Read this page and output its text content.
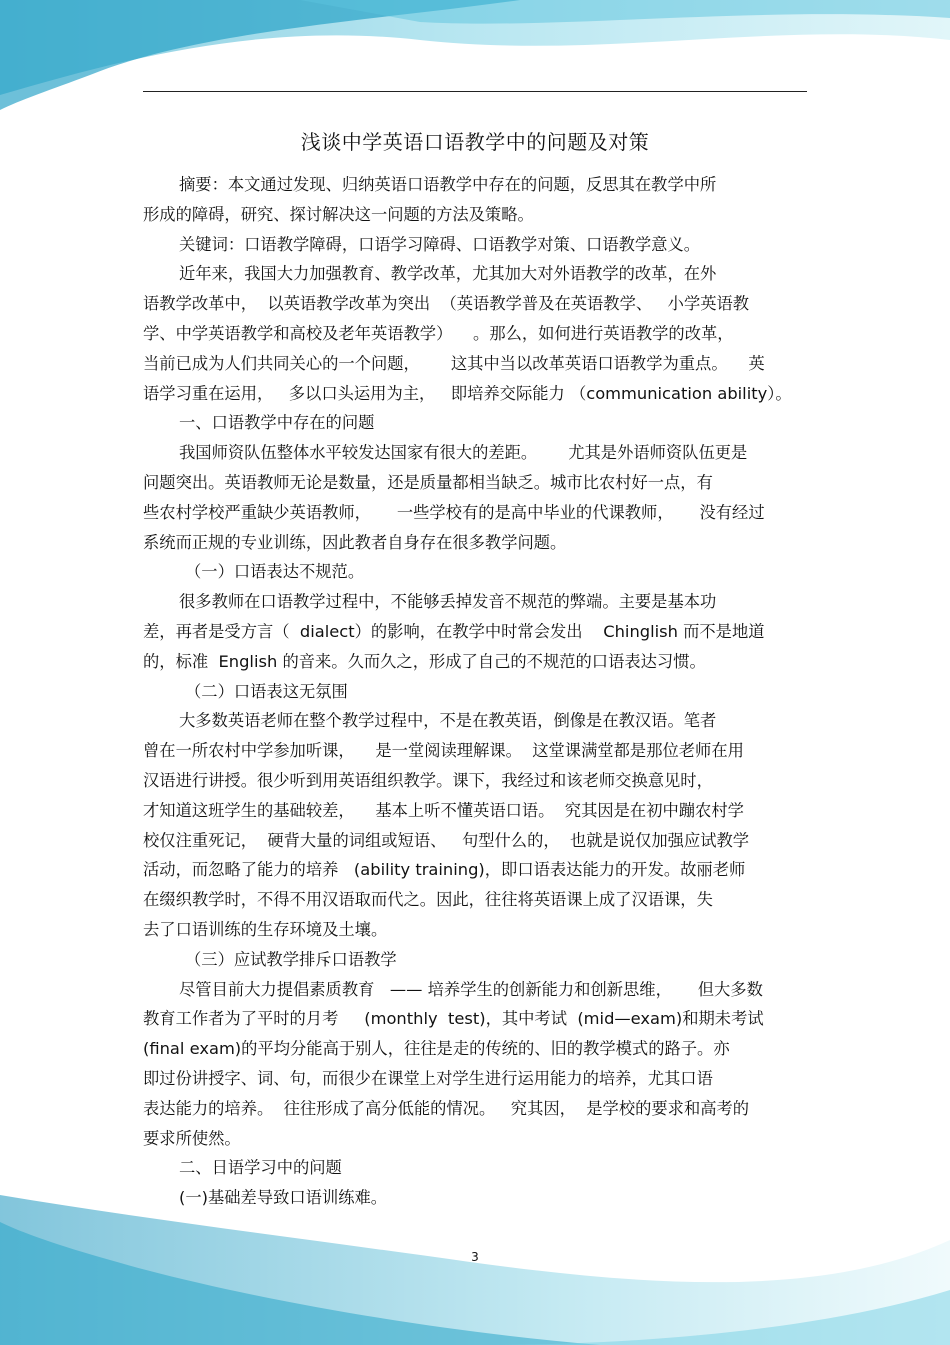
浅谈中学英语口语教学中的问题及对策
摘要：本文通过发现、归纳英语口语教学中存在的问题，反思其在教学中所
形成的障碍，研究、探讨解决这一问题的方法及策略。
关键词：口语教学障碍，口语学习障碍、口语教学对策、口语教学意义。
近年来，我国大力加强教育、教学改革，尤其加大对外语教学的改革，在外
语教学改革中，  以英语教学改革为突出  （英语教学普及在英语教学、   小学英语教
学、中学英语教学和高校及老年英语教学）    。那么，如何进行英语教学的改革，
当前已成为人们共同关心的一个问题，      这其中当以改革英语口语教学为重点。    英
语学习重在运用，   多以口头运用为主，   即培养交际能力 （communication ability）。
一、口语教学中存在的问题
我国师资队伍整体水平较发达国家有很大的差距。      尤其是外语师资队伍更是
问题突出。英语教师无论是数量，还是质量都相当缺乏。城市比农村好一点，有
些农村学校严重缺少英语教师，     一些学校有的是高中毕业的代课教师，     没有经过
系统而正规的专业训练，因此教者自身存在很多教学问题。
（一）口语表达不规范。
很多教师在口语教学过程中，不能够丢掉发音不规范的弊端。主要是基本功
差，再者是受方言（  dialect）的影响，在教学中时常会发出    Chinglish 而不是地道
的，标准  English 的音来。久而久之，形成了自己的不规范的口语表达习惯。
（二）口语表这无氛围
大多数英语老师在整个教学过程中，不是在教英语，倒像是在教汉语。笔者
曾在一所农村中学参加听课，    是一堂阅读理解课。  这堂课满堂都是那位老师在用
汉语进行讲授。很少听到用英语组织教学。课下，我经过和该老师交换意见时，
才知道这班学生的基础较差，    基本上听不懂英语口语。  究其因是在初中蹦农村学
校仅注重死记，  硬背大量的词组或短语、   句型什么的，  也就是说仅加强应试教学
活动，而忽略了能力的培养   (ability training)，即口语表达能力的开发。故丽老师
在缀织教学时，不得不用汉语取而代之。因此，往往将英语课上成了汉语课，失
去了口语训练的生存环境及土壤。
（三）应试教学排斥口语教学
尽管目前大力提倡素质教育   —— 培养学生的创新能力和创新思维，     但大多数
教育工作者为了平时的月考     (monthly  test)，其中考试  (mid—exam)和期未考试
(final exam)的平均分能高于别人，往往是走的传统的、旧的教学模式的路子。亦
即过份讲授字、词、句，而很少在课堂上对学生进行运用能力的培养，尤其口语
表达能力的培养。  往往形成了高分低能的情况。   究其因，  是学校的要求和高考的
要求所使然。
二、日语学习中的问题
(一)基础差导致口语训练难。
3
